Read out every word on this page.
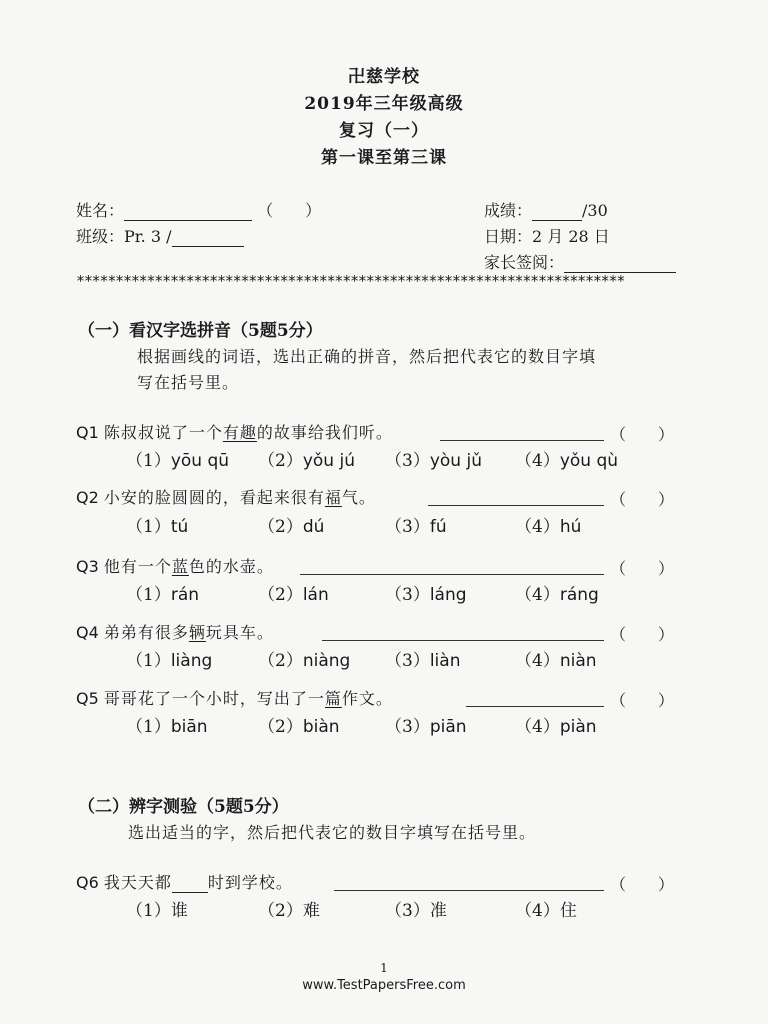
卍慈学校
2019年三年级高级
复习（一）
第一课至第三课
姓名：	（　　）
班级：Pr. 3 /
成绩：	/30
日期：2 月 28 日
家长签阅：
**********************************************************************
（一）看汉字选拼音（5题5分）
根据画线的词语，选出正确的拼音，然后把代表它的数目字填
写在括号里。
Q1 陈叔叔说了一个有趣的故事给我们听。	（　　）
（1）yōu qū （2）yǒu jú （3）yòu jǔ （4）yǒu qù
Q2 小安的脸圆圆的，看起来很有福气。	（　　）
（1）tú	（2）dú	（3）fú	（4）hú
Q3 他有一个蓝色的水壶。	（　　）
（1）rán	（2）lán	（3）láng	（4）ráng
Q4 弟弟有很多辆玩具车。	（　　）
（1）liàng	（2）niàng （3）liàn	（4）niàn
Q5 哥哥花了一个小时，写出了一篇作文。	（　　）
（1）biān	（2）biàn	（3）piān	（4）piàn
（二）辨字测验（5题5分）
选出适当的字，然后把代表它的数目字填写在括号里。
Q6 我天天都 时到学校。	（　　）
（1）谁	（2）难	（3）准	（4）住
1
www.TestPapersFree.com
